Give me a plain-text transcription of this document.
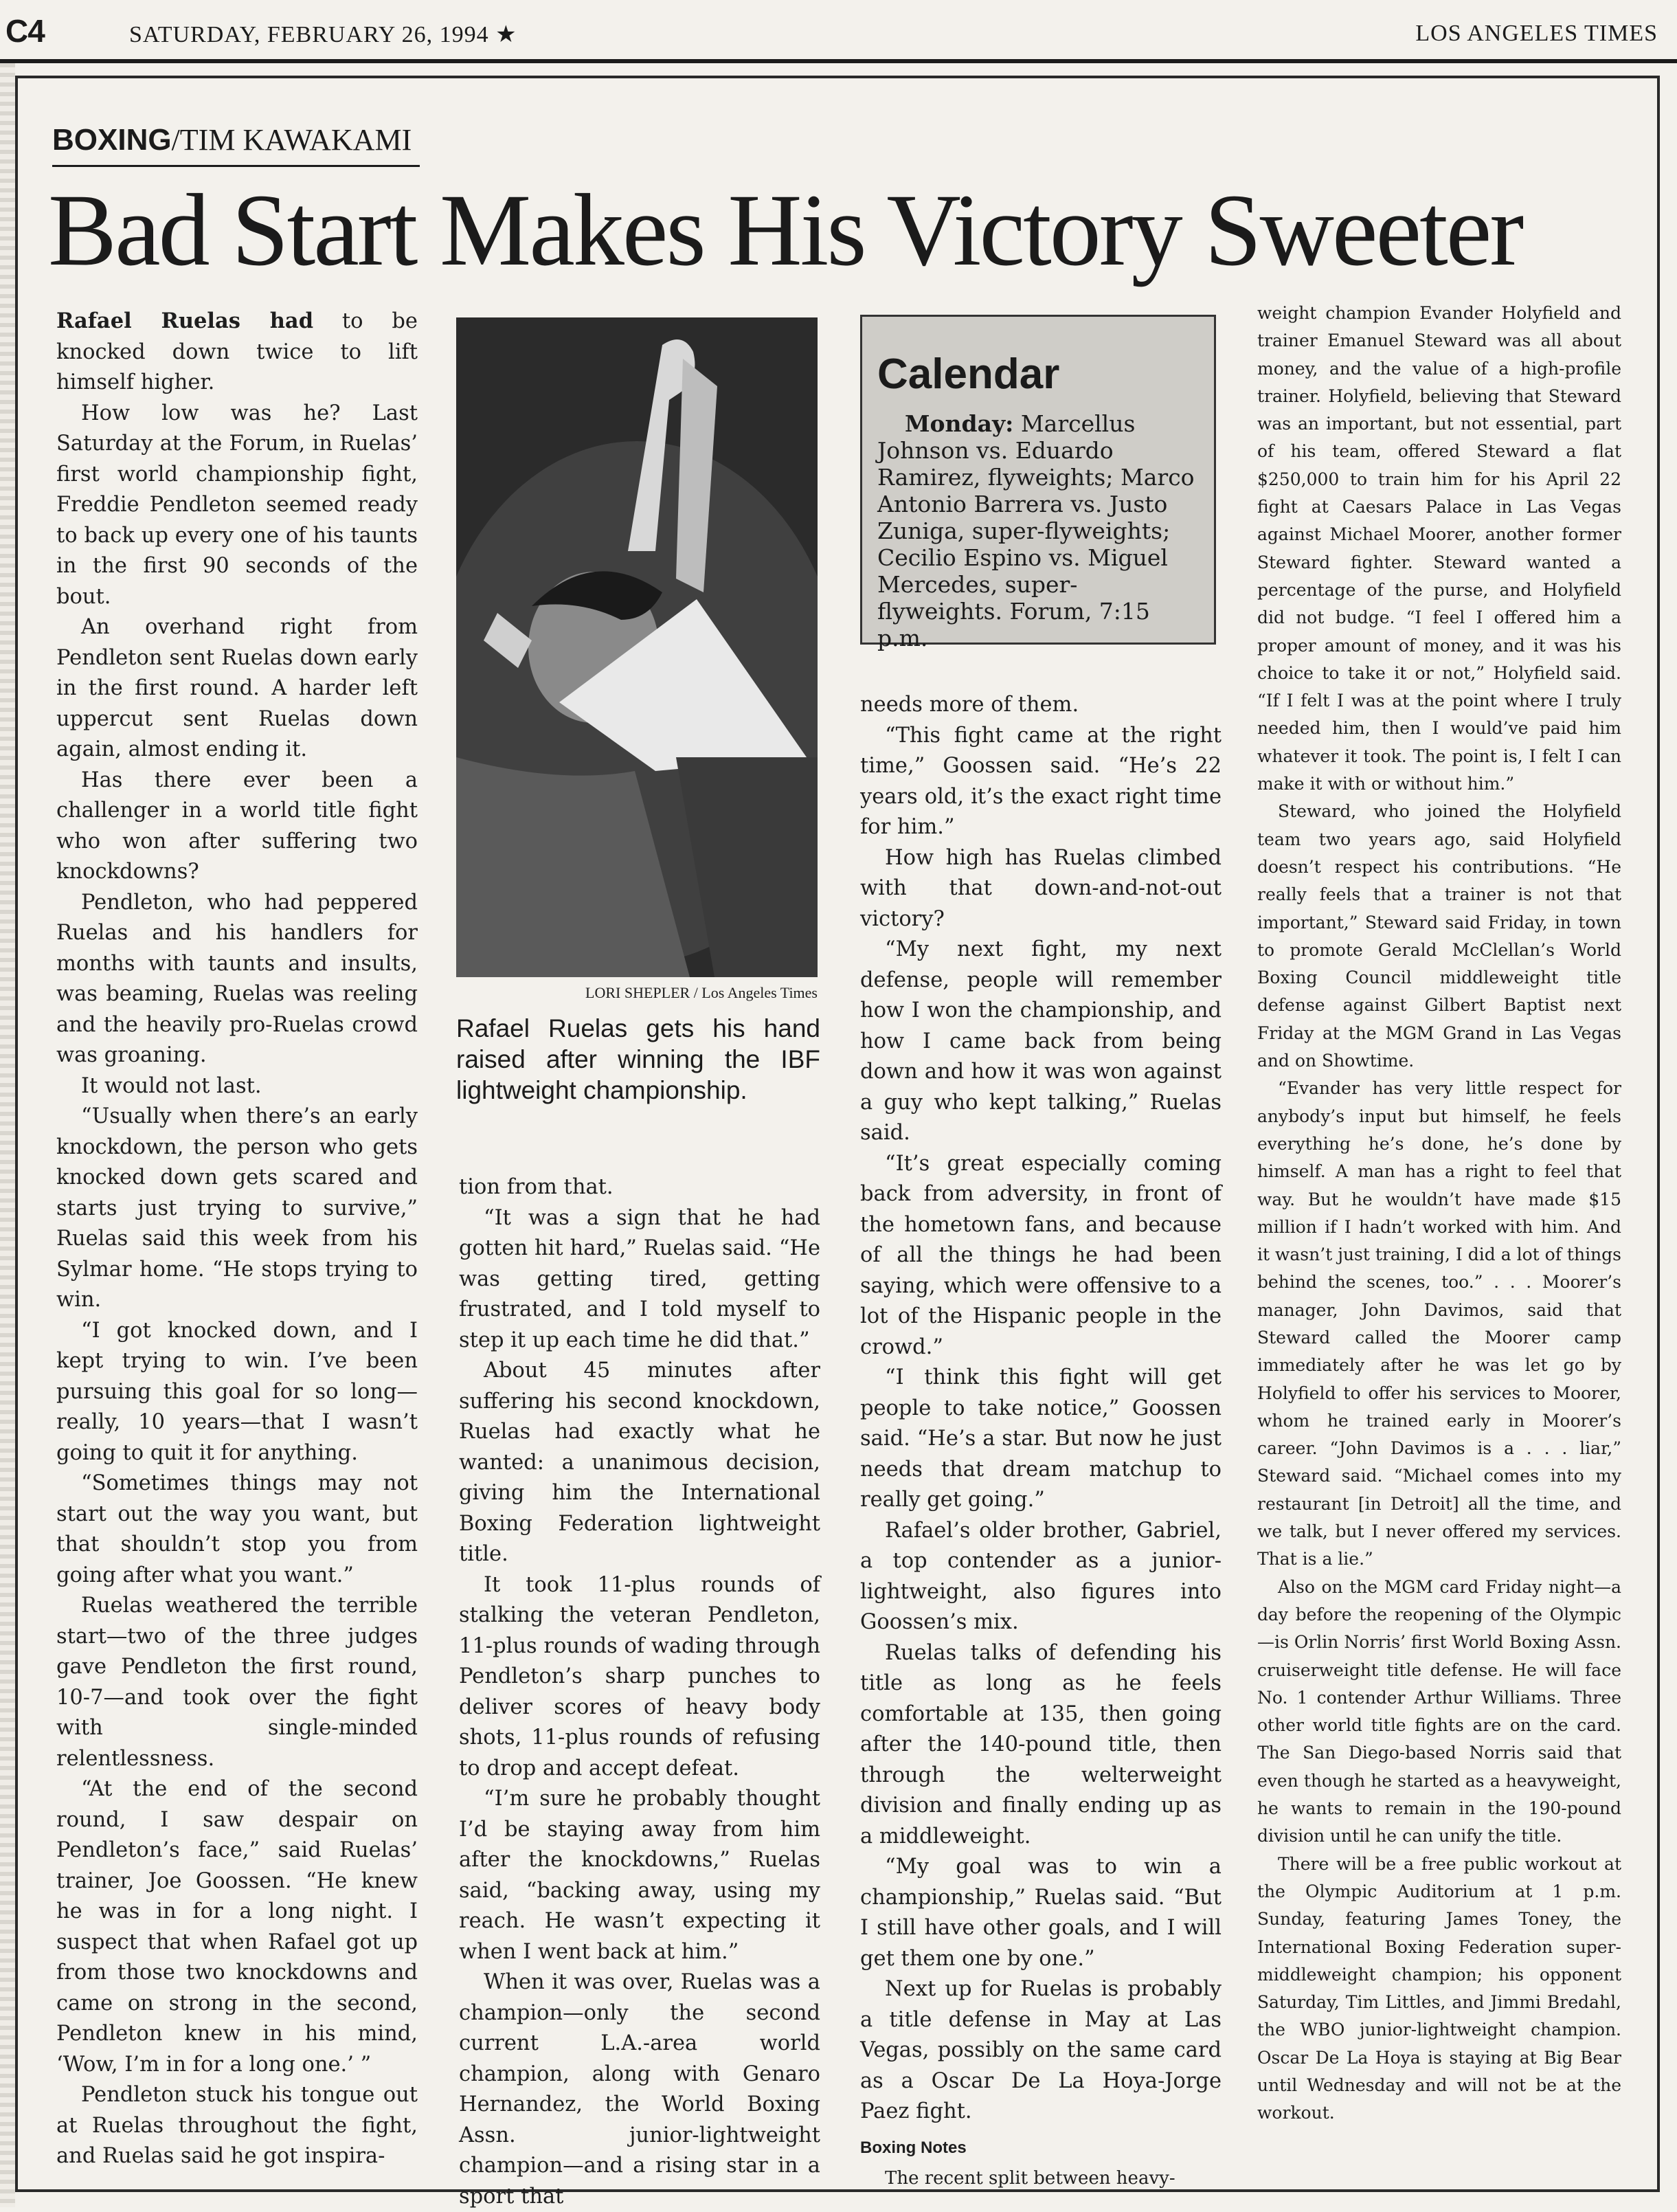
C4	SATURDAY, FEBRUARY 26, 1994 ★	LOS ANGELES TIMES
BOXING/TIM KAWAKAMI
Bad Start Makes His Victory Sweeter

Rafael Ruelas had to be knocked down twice to lift himself higher.

How low was he? Last Saturday at the Forum, in Ruelas’ first world championship fight, Freddie Pendleton seemed ready to back up every one of his taunts in the first 90 seconds of the bout.

An overhand right from Pendleton sent Ruelas down early in the first round. A harder left uppercut sent Ruelas down again, almost ending it.

Has there ever been a challenger in a world title fight who won after suffering two knockdowns?

Pendleton, who had peppered Ruelas and his handlers for months with taunts and insults, was beaming, Ruelas was reeling and the heavily pro-Ruelas crowd was groaning.

It would not last.

“Usually when there’s an early knockdown, the person who gets knocked down gets scared and starts just trying to survive,” Ruelas said this week from his Sylmar home. “He stops trying to win.

“I got knocked down, and I kept trying to win. I’ve been pursuing this goal for so long—really, 10 years—that I wasn’t going to quit it for anything.

“Sometimes things may not start out the way you want, but that shouldn’t stop you from going after what you want.”

Ruelas weathered the terrible start—two of the three judges gave Pendleton the first round, 10-7—and took over the fight with single-minded relentlessness.

“At the end of the second round, I saw despair on Pendleton’s face,” said Ruelas’ trainer, Joe Goossen. “He knew he was in for a long night. I suspect that when Rafael got up from those two knockdowns and came on strong in the second, Pendleton knew in his mind, ‘Wow, I’m in for a long one.’ ”

Pendleton stuck his tongue out at Ruelas throughout the fight, and Ruelas said he got inspira-

LORI SHEPLER / Los Angeles Times
Rafael Ruelas gets his hand raised after winning the IBF lightweight championship.

tion from that.

“It was a sign that he had gotten hit hard,” Ruelas said. “He was getting tired, getting frustrated, and I told myself to step it up each time he did that.”

About 45 minutes after suffering his second knockdown, Ruelas had exactly what he wanted: a unanimous decision, giving him the International Boxing Federation lightweight title.

It took 11-plus rounds of stalking the veteran Pendleton, 11-plus rounds of wading through Pendleton’s sharp punches to deliver scores of heavy body shots, 11-plus rounds of refusing to drop and accept defeat.

“I’m sure he probably thought I’d be staying away from him after the knockdowns,” Ruelas said, “backing away, using my reach. He wasn’t expecting it when I went back at him.”

When it was over, Ruelas was a champion—only the second current L.A.-area world champion, along with Genaro Hernandez, the World Boxing Assn. junior-lightweight champion—and a rising star in a sport that

Calendar
Monday: Marcellus Johnson vs. Eduardo Ramirez, flyweights; Marco Antonio Barrera vs. Justo Zuniga, super-flyweights; Cecilio Espino vs. Miguel Mercedes, super-flyweights. Forum, 7:15 p.m.

needs more of them.

“This fight came at the right time,” Goossen said. “He’s 22 years old, it’s the exact right time for him.”

How high has Ruelas climbed with that down-and-not-out victory?

“My next fight, my next defense, people will remember how I won the championship, and how I came back from being down and how it was won against a guy who kept talking,” Ruelas said.

“It’s great especially coming back from adversity, in front of the hometown fans, and because of all the things he had been saying, which were offensive to a lot of the Hispanic people in the crowd.”

“I think this fight will get people to take notice,” Goossen said. “He’s a star. But now he just needs that dream matchup to really get going.”

Rafael’s older brother, Gabriel, a top contender as a junior-lightweight, also figures into Goossen’s mix.

Ruelas talks of defending his title as long as he feels comfortable at 135, then going after the 140-pound title, then through the welterweight division and finally ending up as a middleweight.

“My goal was to win a championship,” Ruelas said. “But I still have other goals, and I will get them one by one.”

Next up for Ruelas is probably a title defense in May at Las Vegas, possibly on the same card as a Oscar De La Hoya-Jorge Paez fight.

Boxing Notes

The recent split between heavy-

weight champion Evander Holyfield and trainer Emanuel Steward was all about money, and the value of a high-profile trainer. Holyfield, believing that Steward was an important, but not essential, part of his team, offered Steward a flat $250,000 to train him for his April 22 fight at Caesars Palace in Las Vegas against Michael Moorer, another former Steward fighter. Steward wanted a percentage of the purse, and Holyfield did not budge. “I feel I offered him a proper amount of money, and it was his choice to take it or not,” Holyfield said. “If I felt I was at the point where I truly needed him, then I would’ve paid him whatever it took. The point is, I felt I can make it with or without him.”

Steward, who joined the Holyfield team two years ago, said Holyfield doesn’t respect his contributions. “He really feels that a trainer is not that important,” Steward said Friday, in town to promote Gerald McClellan’s World Boxing Council middleweight title defense against Gilbert Baptist next Friday at the MGM Grand in Las Vegas and on Showtime.

“Evander has very little respect for anybody’s input but himself, he feels everything he’s done, he’s done by himself. A man has a right to feel that way. But he wouldn’t have made $15 million if I hadn’t worked with him. And it wasn’t just training, I did a lot of things behind the scenes, too.” . . . Moorer’s manager, John Davimos, said that Steward called the Moorer camp immediately after he was let go by Holyfield to offer his services to Moorer, whom he trained early in Moorer’s career. “John Davimos is a . . . liar,” Steward said. “Michael comes into my restaurant [in Detroit] all the time, and we talk, but I never offered my services. That is a lie.”

Also on the MGM card Friday night—a day before the reopening of the Olympic—is Orlin Norris’ first World Boxing Assn. cruiserweight title defense. He will face No. 1 contender Arthur Williams. Three other world title fights are on the card. The San Diego-based Norris said that even though he started as a heavyweight, he wants to remain in the 190-pound division until he can unify the title.

There will be a free public workout at the Olympic Auditorium at 1 p.m. Sunday, featuring James Toney, the International Boxing Federation super-middleweight champion; his opponent Saturday, Tim Littles, and Jimmi Bredahl, the WBO junior-lightweight champion. Oscar De La Hoya is staying at Big Bear until Wednesday and will not be at the workout.
